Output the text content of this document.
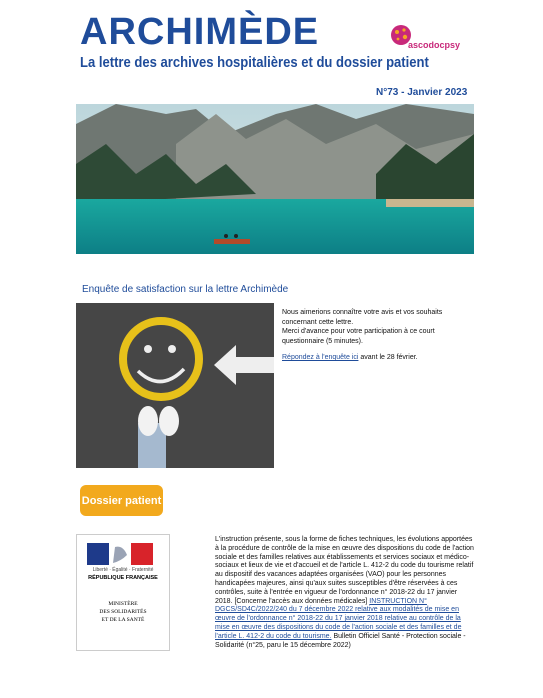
ARCHIMÈDE
La lettre des archives hospitalières et du dossier patient
ascodocpsy
N°73 - Janvier 2023
Enquête de satisfaction sur la lettre Archimède

Nous aimerions connaître votre avis et vos souhaits concernant cette lettre.

Merci d'avance pour votre participation à ce court questionnaire (5 minutes).

Répondez à l'enquête ici avant le 28 février.
Dossier patient
Liberté · Égalité · Fraternité
RÉPUBLIQUE FRANÇAISE
MINISTÈRE
DES SOLIDARITÉS
ET DE LA SANTÉ
L'instruction présente, sous la forme de fiches techniques, les évolutions apportées à la procédure de contrôle de la mise en œuvre des dispositions du code de l'action sociale et des familles relatives aux établissements et services sociaux et médico-sociaux et lieux de vie et d'accueil et de l'article L. 412-2 du code du tourisme relatif au dispositif des vacances adaptées organisées (VAO) pour les personnes handicapées majeures, ainsi qu'aux suites susceptibles d'être réservées à ces contrôles, suite à l'entrée en vigueur de l'ordonnance n° 2018-22 du 17 janvier 2018. [Concerne l'accès aux données médicales] INSTRUCTION N° DGCS/SD4C/2022/240 du 7 décembre 2022 relative aux modalités de mise en œuvre de l'ordonnance n° 2018-22 du 17 janvier 2018 relative au contrôle de la mise en œuvre des dispositions du code de l'action sociale et des familles et de l'article L. 412-2 du code du tourisme. Bulletin Officiel Santé - Protection sociale - Solidarité (n°25, paru le 15 décembre 2022)
